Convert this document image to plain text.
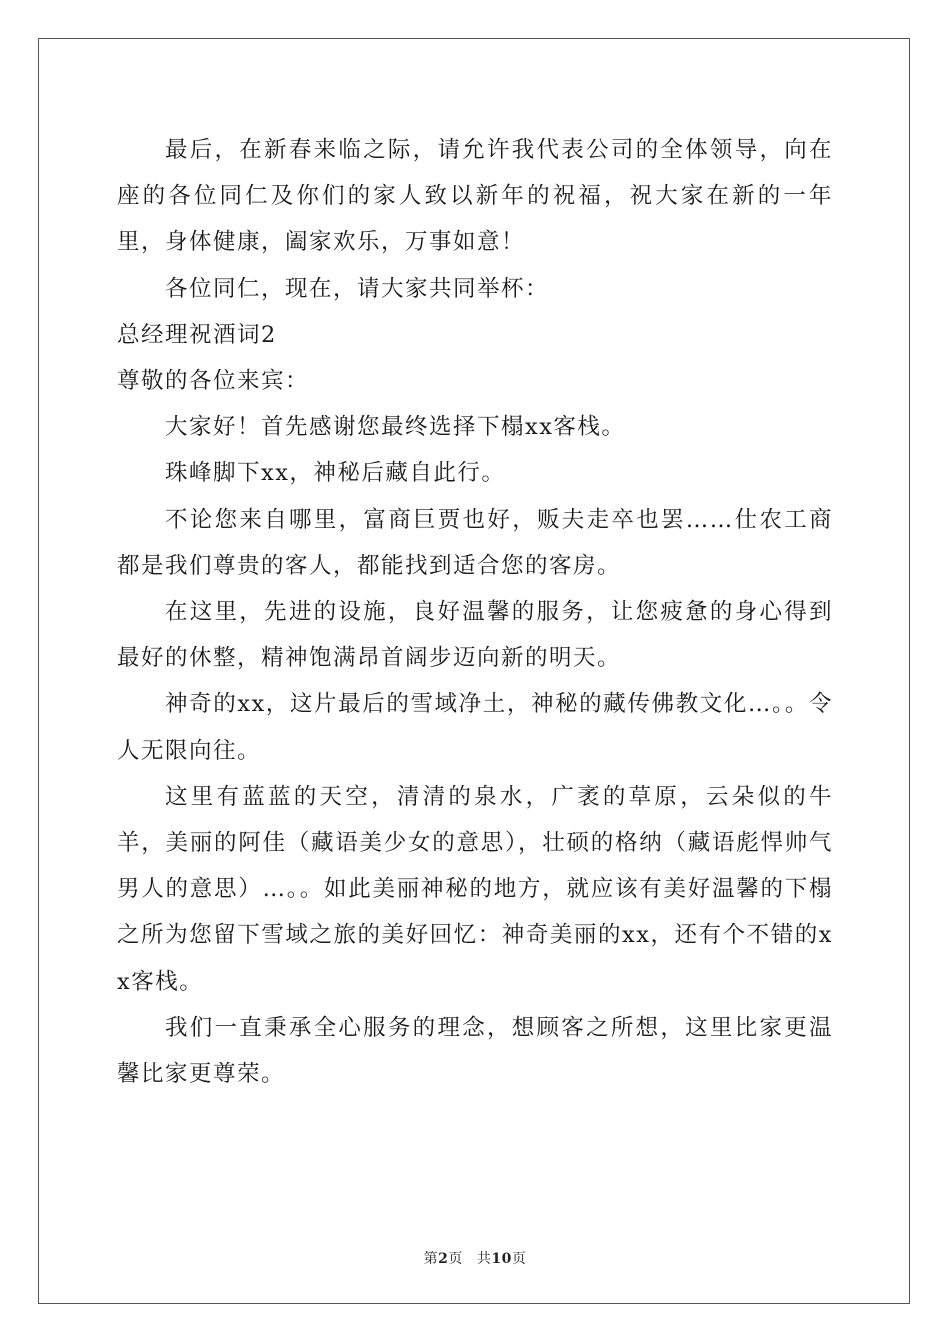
最后，在新春来临之际，请允许我代表公司的全体领导，向在座的各位同仁及你们的家人致以新年的祝福，祝大家在新的一年里，身体健康，阖家欢乐，万事如意！

各位同仁，现在，请大家共同举杯：

总经理祝酒词2

尊敬的各位来宾：

大家好！首先感谢您最终选择下榻xx客栈。

珠峰脚下xx，神秘后藏自此行。

不论您来自哪里，富商巨贾也好，贩夫走卒也罢……仕农工商都是我们尊贵的客人，都能找到适合您的客房。

在这里，先进的设施，良好温馨的服务，让您疲惫的身心得到最好的休整，精神饱满昂首阔步迈向新的明天。

神奇的xx，这片最后的雪域净土，神秘的藏传佛教文化…。。令人无限向往。

这里有蓝蓝的天空，清清的泉水，广袤的草原，云朵似的牛羊，美丽的阿佳（藏语美少女的意思），壮硕的格纳（藏语彪悍帅气男人的意思）…。。如此美丽神秘的地方，就应该有美好温馨的下榻之所为您留下雪域之旅的美好回忆：神奇美丽的xx，还有个不错的xx客栈。

我们一直秉承全心服务的理念，想顾客之所想，这里比家更温馨比家更尊荣。

第2页 共10页
